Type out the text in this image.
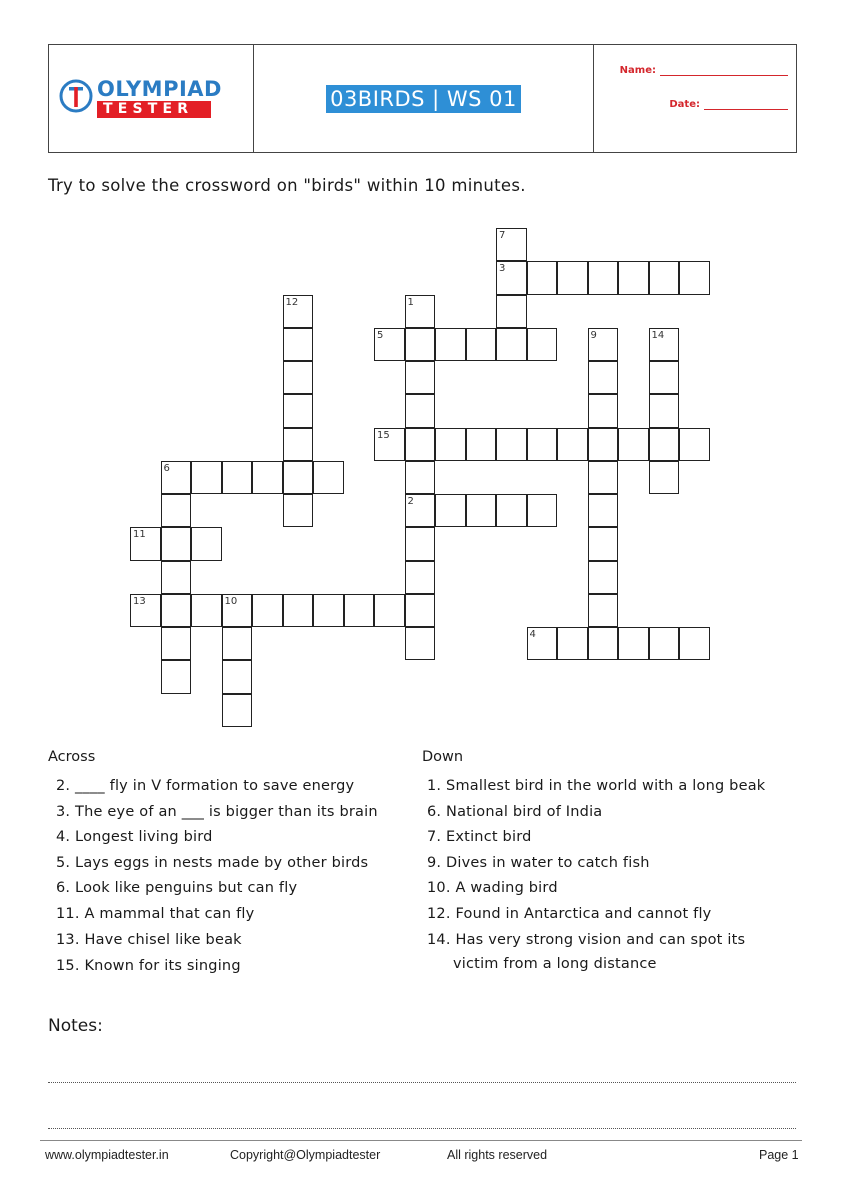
OLYMPIAD
TESTER	03BIRDS | WS 01
Name:
Date:
Try to solve the crossword on "birds" within 10 minutes.
7
3
12	1
2
5	9	14
15
6
11
13	10
4
Across	Down
2. ____ fly in V formation to save energy
3. The eye of an ___ is bigger than its brain
4. Longest living bird
5. Lays eggs in nests made by other birds
6. Look like penguins but can fly
11. A mammal that can fly
13. Have chisel like beak
15. Known for its singing
1. Smallest bird in the world with a long beak
6. National bird of India
7. Extinct bird
9. Dives in water to catch fish
10. A wading bird
12. Found in Antarctica and cannot fly
14. Has very strong vision and can spot its
victim from a long distance
Notes:
www.olympiadtester.in	Copyright@Olympiadtester	All rights reserved	Page 1
